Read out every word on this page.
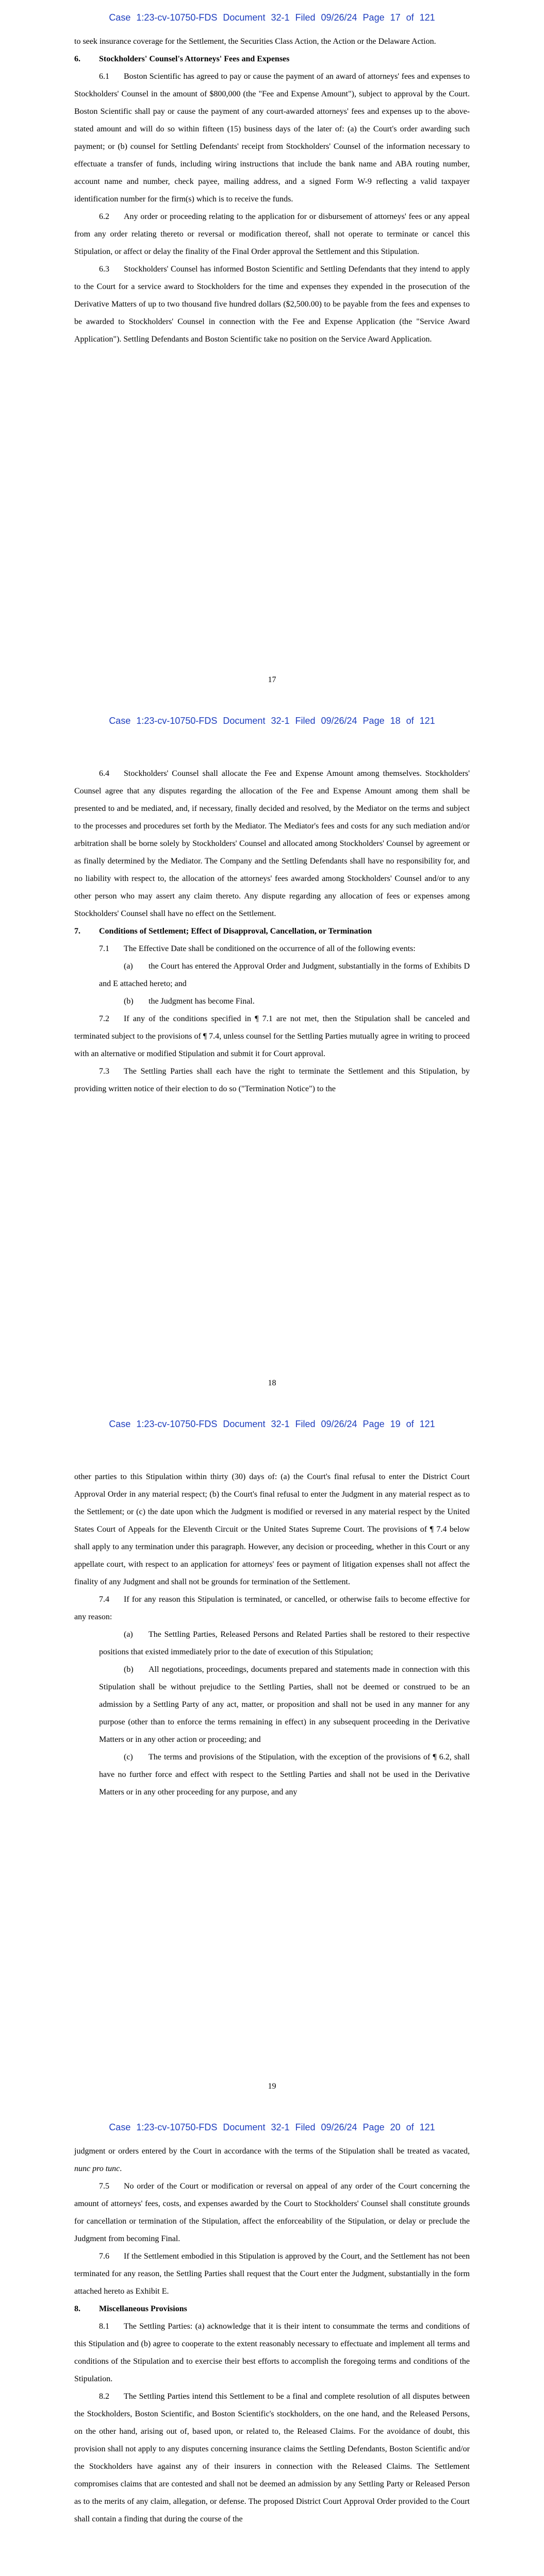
Case 1:23-cv-10750-FDS Document 32-1 Filed 09/26/24 Page 17 of 121

to seek insurance coverage for the Settlement, the Securities Class Action, the Action or the Delaware Action.

6. Stockholders' Counsel's Attorneys' Fees and Expenses

6.1 Boston Scientific has agreed to pay or cause the payment of an award of attorneys' fees and expenses to Stockholders' Counsel in the amount of $800,000 (the "Fee and Expense Amount"), subject to approval by the Court. Boston Scientific shall pay or cause the payment of any court-awarded attorneys' fees and expenses up to the above-stated amount and will do so within fifteen (15) business days of the later of: (a) the Court's order awarding such payment; or (b) counsel for Settling Defendants' receipt from Stockholders' Counsel of the information necessary to effectuate a transfer of funds, including wiring instructions that include the bank name and ABA routing number, account name and number, check payee, mailing address, and a signed Form W-9 reflecting a valid taxpayer identification number for the firm(s) which is to receive the funds.

6.2 Any order or proceeding relating to the application for or disbursement of attorneys' fees or any appeal from any order relating thereto or reversal or modification thereof, shall not operate to terminate or cancel this Stipulation, or affect or delay the finality of the Final Order approval the Settlement and this Stipulation.

6.3 Stockholders' Counsel has informed Boston Scientific and Settling Defendants that they intend to apply to the Court for a service award to Stockholders for the time and expenses they expended in the prosecution of the Derivative Matters of up to two thousand five hundred dollars ($2,500.00) to be payable from the fees and expenses to be awarded to Stockholders' Counsel in connection with the Fee and Expense Application (the "Service Award Application"). Settling Defendants and Boston Scientific take no position on the Service Award Application.

17
Case 1:23-cv-10750-FDS Document 32-1 Filed 09/26/24 Page 18 of 121

6.4 Stockholders' Counsel shall allocate the Fee and Expense Amount among themselves. Stockholders' Counsel agree that any disputes regarding the allocation of the Fee and Expense Amount among them shall be presented to and be mediated, and, if necessary, finally decided and resolved, by the Mediator on the terms and subject to the processes and procedures set forth by the Mediator. The Mediator's fees and costs for any such mediation and/or arbitration shall be borne solely by Stockholders' Counsel and allocated among Stockholders' Counsel by agreement or as finally determined by the Mediator. The Company and the Settling Defendants shall have no responsibility for, and no liability with respect to, the allocation of the attorneys' fees awarded among Stockholders' Counsel and/or to any other person who may assert any claim thereto. Any dispute regarding any allocation of fees or expenses among Stockholders' Counsel shall have no effect on the Settlement.

7. Conditions of Settlement; Effect of Disapproval, Cancellation, or Termination

7.1 The Effective Date shall be conditioned on the occurrence of all of the following events:

(a) the Court has entered the Approval Order and Judgment, substantially in the forms of Exhibits D and E attached hereto; and

(b) the Judgment has become Final.

7.2 If any of the conditions specified in ¶ 7.1 are not met, then the Stipulation shall be canceled and terminated subject to the provisions of ¶ 7.4, unless counsel for the Settling Parties mutually agree in writing to proceed with an alternative or modified Stipulation and submit it for Court approval.

7.3 The Settling Parties shall each have the right to terminate the Settlement and this Stipulation, by providing written notice of their election to do so ("Termination Notice") to the

18
Case 1:23-cv-10750-FDS Document 32-1 Filed 09/26/24 Page 19 of 121

other parties to this Stipulation within thirty (30) days of: (a) the Court's final refusal to enter the District Court Approval Order in any material respect; (b) the Court's final refusal to enter the Judgment in any material respect as to the Settlement; or (c) the date upon which the Judgment is modified or reversed in any material respect by the United States Court of Appeals for the Eleventh Circuit or the United States Supreme Court. The provisions of ¶ 7.4 below shall apply to any termination under this paragraph. However, any decision or proceeding, whether in this Court or any appellate court, with respect to an application for attorneys' fees or payment of litigation expenses shall not affect the finality of any Judgment and shall not be grounds for termination of the Settlement.

7.4 If for any reason this Stipulation is terminated, or cancelled, or otherwise fails to become effective for any reason:

(a) The Settling Parties, Released Persons and Related Parties shall be restored to their respective positions that existed immediately prior to the date of execution of this Stipulation;

(b) All negotiations, proceedings, documents prepared and statements made in connection with this Stipulation shall be without prejudice to the Settling Parties, shall not be deemed or construed to be an admission by a Settling Party of any act, matter, or proposition and shall not be used in any manner for any purpose (other than to enforce the terms remaining in effect) in any subsequent proceeding in the Derivative Matters or in any other action or proceeding; and

(c) The terms and provisions of the Stipulation, with the exception of the provisions of ¶ 6.2, shall have no further force and effect with respect to the Settling Parties and shall not be used in the Derivative Matters or in any other proceeding for any purpose, and any

19
Case 1:23-cv-10750-FDS Document 32-1 Filed 09/26/24 Page 20 of 121

judgment or orders entered by the Court in accordance with the terms of the Stipulation shall be treated as vacated, nunc pro tunc.

7.5 No order of the Court or modification or reversal on appeal of any order of the Court concerning the amount of attorneys' fees, costs, and expenses awarded by the Court to Stockholders' Counsel shall constitute grounds for cancellation or termination of the Stipulation, affect the enforceability of the Stipulation, or delay or preclude the Judgment from becoming Final.

7.6 If the Settlement embodied in this Stipulation is approved by the Court, and the Settlement has not been terminated for any reason, the Settling Parties shall request that the Court enter the Judgment, substantially in the form attached hereto as Exhibit E.

8. Miscellaneous Provisions

8.1 The Settling Parties: (a) acknowledge that it is their intent to consummate the terms and conditions of this Stipulation and (b) agree to cooperate to the extent reasonably necessary to effectuate and implement all terms and conditions of the Stipulation and to exercise their best efforts to accomplish the foregoing terms and conditions of the Stipulation.

8.2 The Settling Parties intend this Settlement to be a final and complete resolution of all disputes between the Stockholders, Boston Scientific, and Boston Scientific's stockholders, on the one hand, and the Released Persons, on the other hand, arising out of, based upon, or related to, the Released Claims. For the avoidance of doubt, this provision shall not apply to any disputes concerning insurance claims the Settling Defendants, Boston Scientific and/or the Stockholders have against any of their insurers in connection with the Released Claims. The Settlement compromises claims that are contested and shall not be deemed an admission by any Settling Party or Released Person as to the merits of any claim, allegation, or defense. The proposed District Court Approval Order provided to the Court shall contain a finding that during the course of the
